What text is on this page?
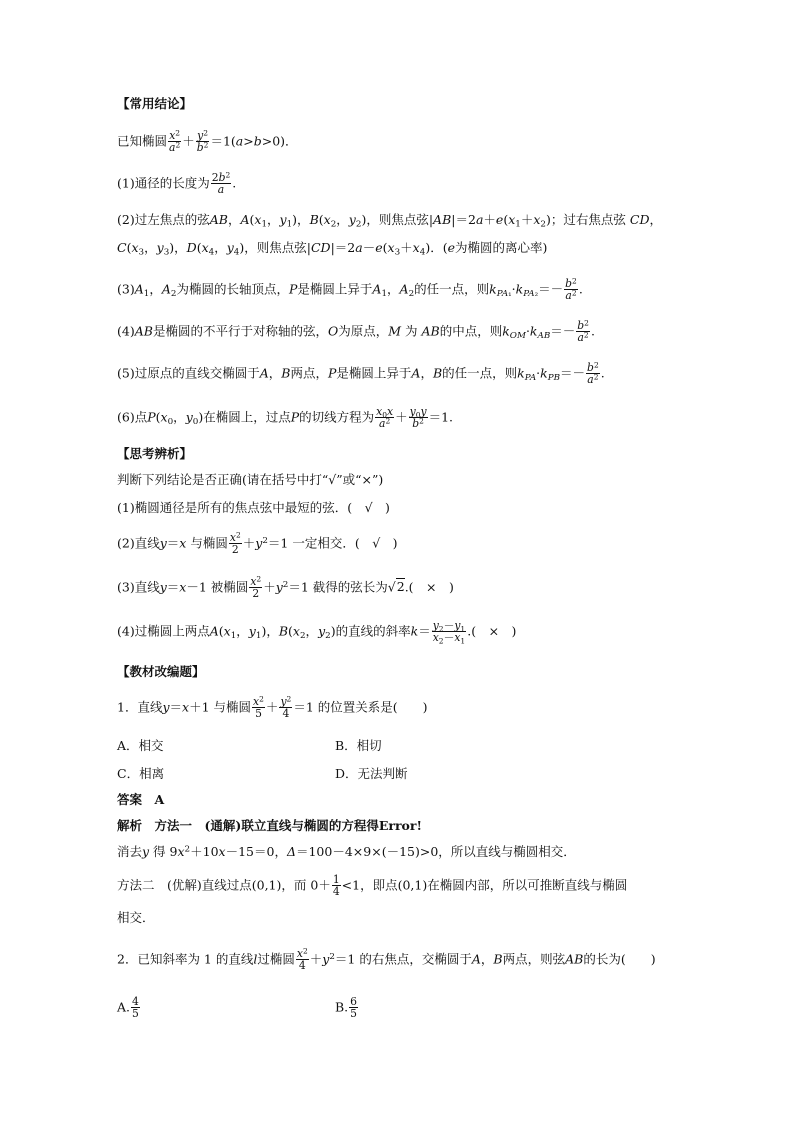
【常用结论】
已知椭圆 $\frac{x^2}{a^2} + \frac{y^2}{b^2} =1(a>b>0)$．
(1)通径的长度为 $\frac{2b^2}{a}$ .
(2)过左焦点的弦AB，$A(x_1$，$y_1$)，$B(x_2$，$y_2$)，则焦点弦$|AB|=2a+e(x_1+x_2)$；过右焦点弦 CD，
$C(x_3$，$y_3$)，$D(x_4$，$y_4$)，则焦点弦$|CD|=2a-e(x_3+x_4)$．(e为椭圆的离心率)
$(3)A_1$，$A_2$为椭圆的长轴顶点，P是椭圆上异于$A_1$，$A_2$的任一点，则$k_{PA_1}\cdot k_{PA_2}=- \frac{b^2}{a^2}$ .
(4)AB是椭圆的不平行于对称轴的弦，O为原点，M 为 AB的中点，则$k_{OM}\cdot k_{AB}=- \frac{b^2}{a^2}$ .
(5)过原点的直线交椭圆于A，B两点，P是椭圆上异于A，B的任一点，则$k_{PA}\cdot k_{PB}=- \frac{b^2}{a^2}$ .
(6)点$P(x_0$，$y_0$)在椭圆上，过点P的切线方程为 $\frac{x_0x}{a^2} + \frac{y_0y}{b^2} =1$.
【思考辨析】
判断下列结论是否正确(请在括号中打“√”或“×”)
(1)椭圆通径是所有的焦点弦中最短的弦．(　√　)
(2)直线y＝x 与椭圆 $\frac{x^2}{2} +y^2=1$ 一定相交．(　√　)
(3)直线y＝x－1 被椭圆 $\frac{x^2}{2} +y^2=1$ 截得的弦长为√2.(　×　)
(4)过椭圆上两点$A(x_1$，$y_1$)，$B(x_2$，$y_2$)的直线的斜率$k= \frac{y_2-y_1}{x_2-x_1}$ .(　×　)
【教材改编题】
1．直线y＝x＋1 与椭圆 $\frac{x^2}{5} + \frac{y^2}{4} =1$ 的位置关系是(　　)
A．相交	B．相切
C．相离	D．无法判断
答案　A
解析　方法一　(通解)联立直线与椭圆的方程得Error!
消去y 得 $9x^2+10x-15=0$，Δ＝100－4×9×(－15)>0，所以直线与椭圆相交．
方法二　(优解)直线过点(0,1)，而 $0+ \frac{1}{4} <1$，即点(0,1)在椭圆内部，所以可推断直线与椭圆
相交．
2．已知斜率为 1 的直线l过椭圆 $\frac{x^2}{4} +y^2=1$ 的右焦点，交椭圆于A，B两点，则弦AB的长为(　　)
A. $\frac{4}{5}$	B. $\frac{6}{5}$
